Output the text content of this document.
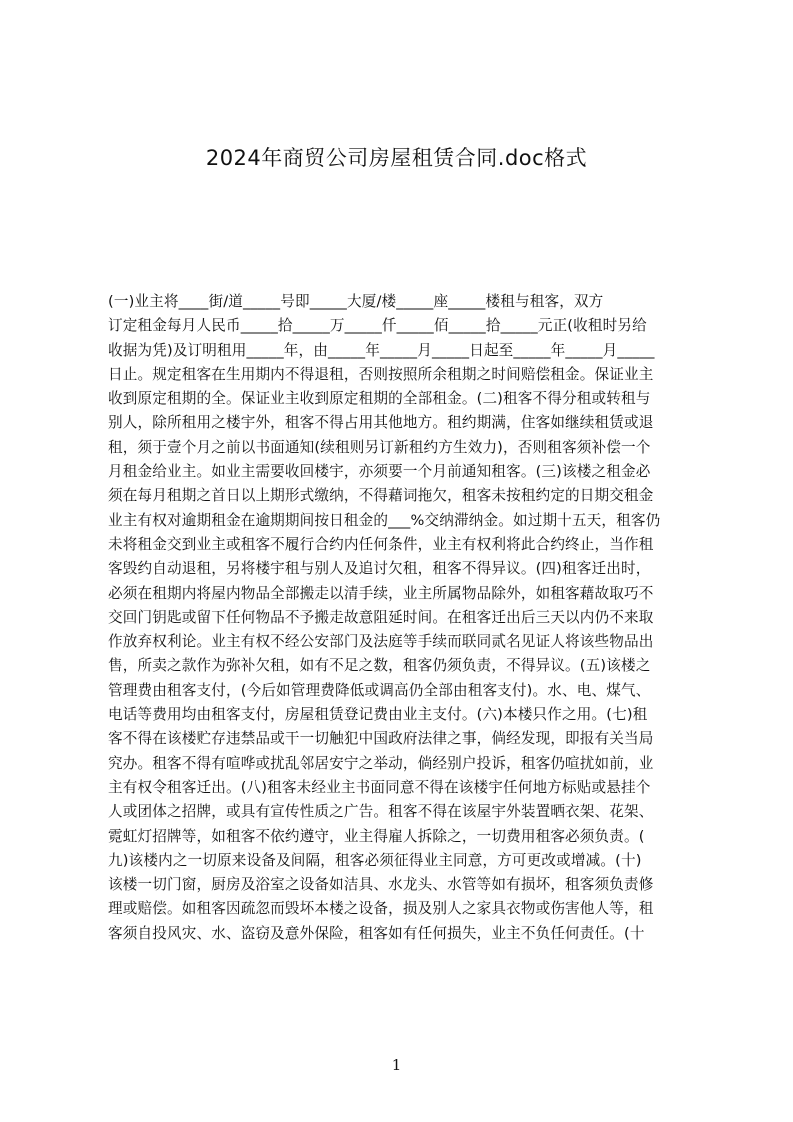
2024年商贸公司房屋租赁合同.doc格式
(一)业主将____街/道_____号即_____大厦/楼_____座_____楼租与租客，双方
订定租金每月人民币_____拾_____万_____仟_____佰_____拾_____元正(收租时另给
收据为凭)及订明租用_____年，由_____年_____月_____日起至_____年_____月_____
日止。规定租客在生用期内不得退租，否则按照所余租期之时间赔偿租金。保证业主
收到原定租期的全。保证业主收到原定租期的全部租金。(二)租客不得分租或转租与
别人，除所租用之楼宇外，租客不得占用其他地方。租约期满，住客如继续租赁或退
租，须于壹个月之前以书面通知(续租则另订新租约方生效力)，否则租客须补偿一个
月租金给业主。如业主需要收回楼宇，亦须要一个月前通知租客。(三)该楼之租金必
须在每月租期之首日以上期形式缴纳，不得藉词拖欠，租客未按租约定的日期交租金
业主有权对逾期租金在逾期期间按日租金的___%交纳滞纳金。如过期十五天，租客仍
未将租金交到业主或租客不履行合约内任何条件，业主有权利将此合约终止，当作租
客毁约自动退租，另将楼宇租与别人及追讨欠租，租客不得异议。(四)租客迁出时，
必须在租期内将屋内物品全部搬走以清手续，业主所属物品除外，如租客藉故取巧不
交回门钥匙或留下任何物品不予搬走故意阻延时间。在租客迁出后三天以内仍不来取
作放弃权利论。业主有权不经公安部门及法庭等手续而联同贰名见证人将该些物品出
售，所卖之款作为弥补欠租，如有不足之数，租客仍须负责，不得异议。(五)该楼之
管理费由租客支付，(今后如管理费降低或调高仍全部由租客支付)。水、电、煤气、
电话等费用均由租客支付，房屋租赁登记费由业主支付。(六)本楼只作之用。(七)租
客不得在该楼贮存违禁品或干一切触犯中国政府法律之事，倘经发现，即报有关当局
究办。租客不得有喧哗或扰乱邻居安宁之举动，倘经别户投诉，租客仍喧扰如前，业
主有权令租客迁出。(八)租客未经业主书面同意不得在该楼宇任何地方标贴或悬挂个
人或团体之招牌，或具有宣传性质之广告。租客不得在该屋宇外装置晒衣架、花架、
霓虹灯招牌等，如租客不依约遵守，业主得雇人拆除之，一切费用租客必须负责。(
九)该楼内之一切原来设备及间隔，租客必须征得业主同意，方可更改或增减。(十)
该楼一切门窗，厨房及浴室之设备如洁具、水龙头、水管等如有损坏，租客须负责修
理或赔偿。如租客因疏忽而毁坏本楼之设备，损及别人之家具衣物或伤害他人等，租
客须自投风灾、水、盗窃及意外保险，租客如有任何损失，业主不负任何责任。(十
1
